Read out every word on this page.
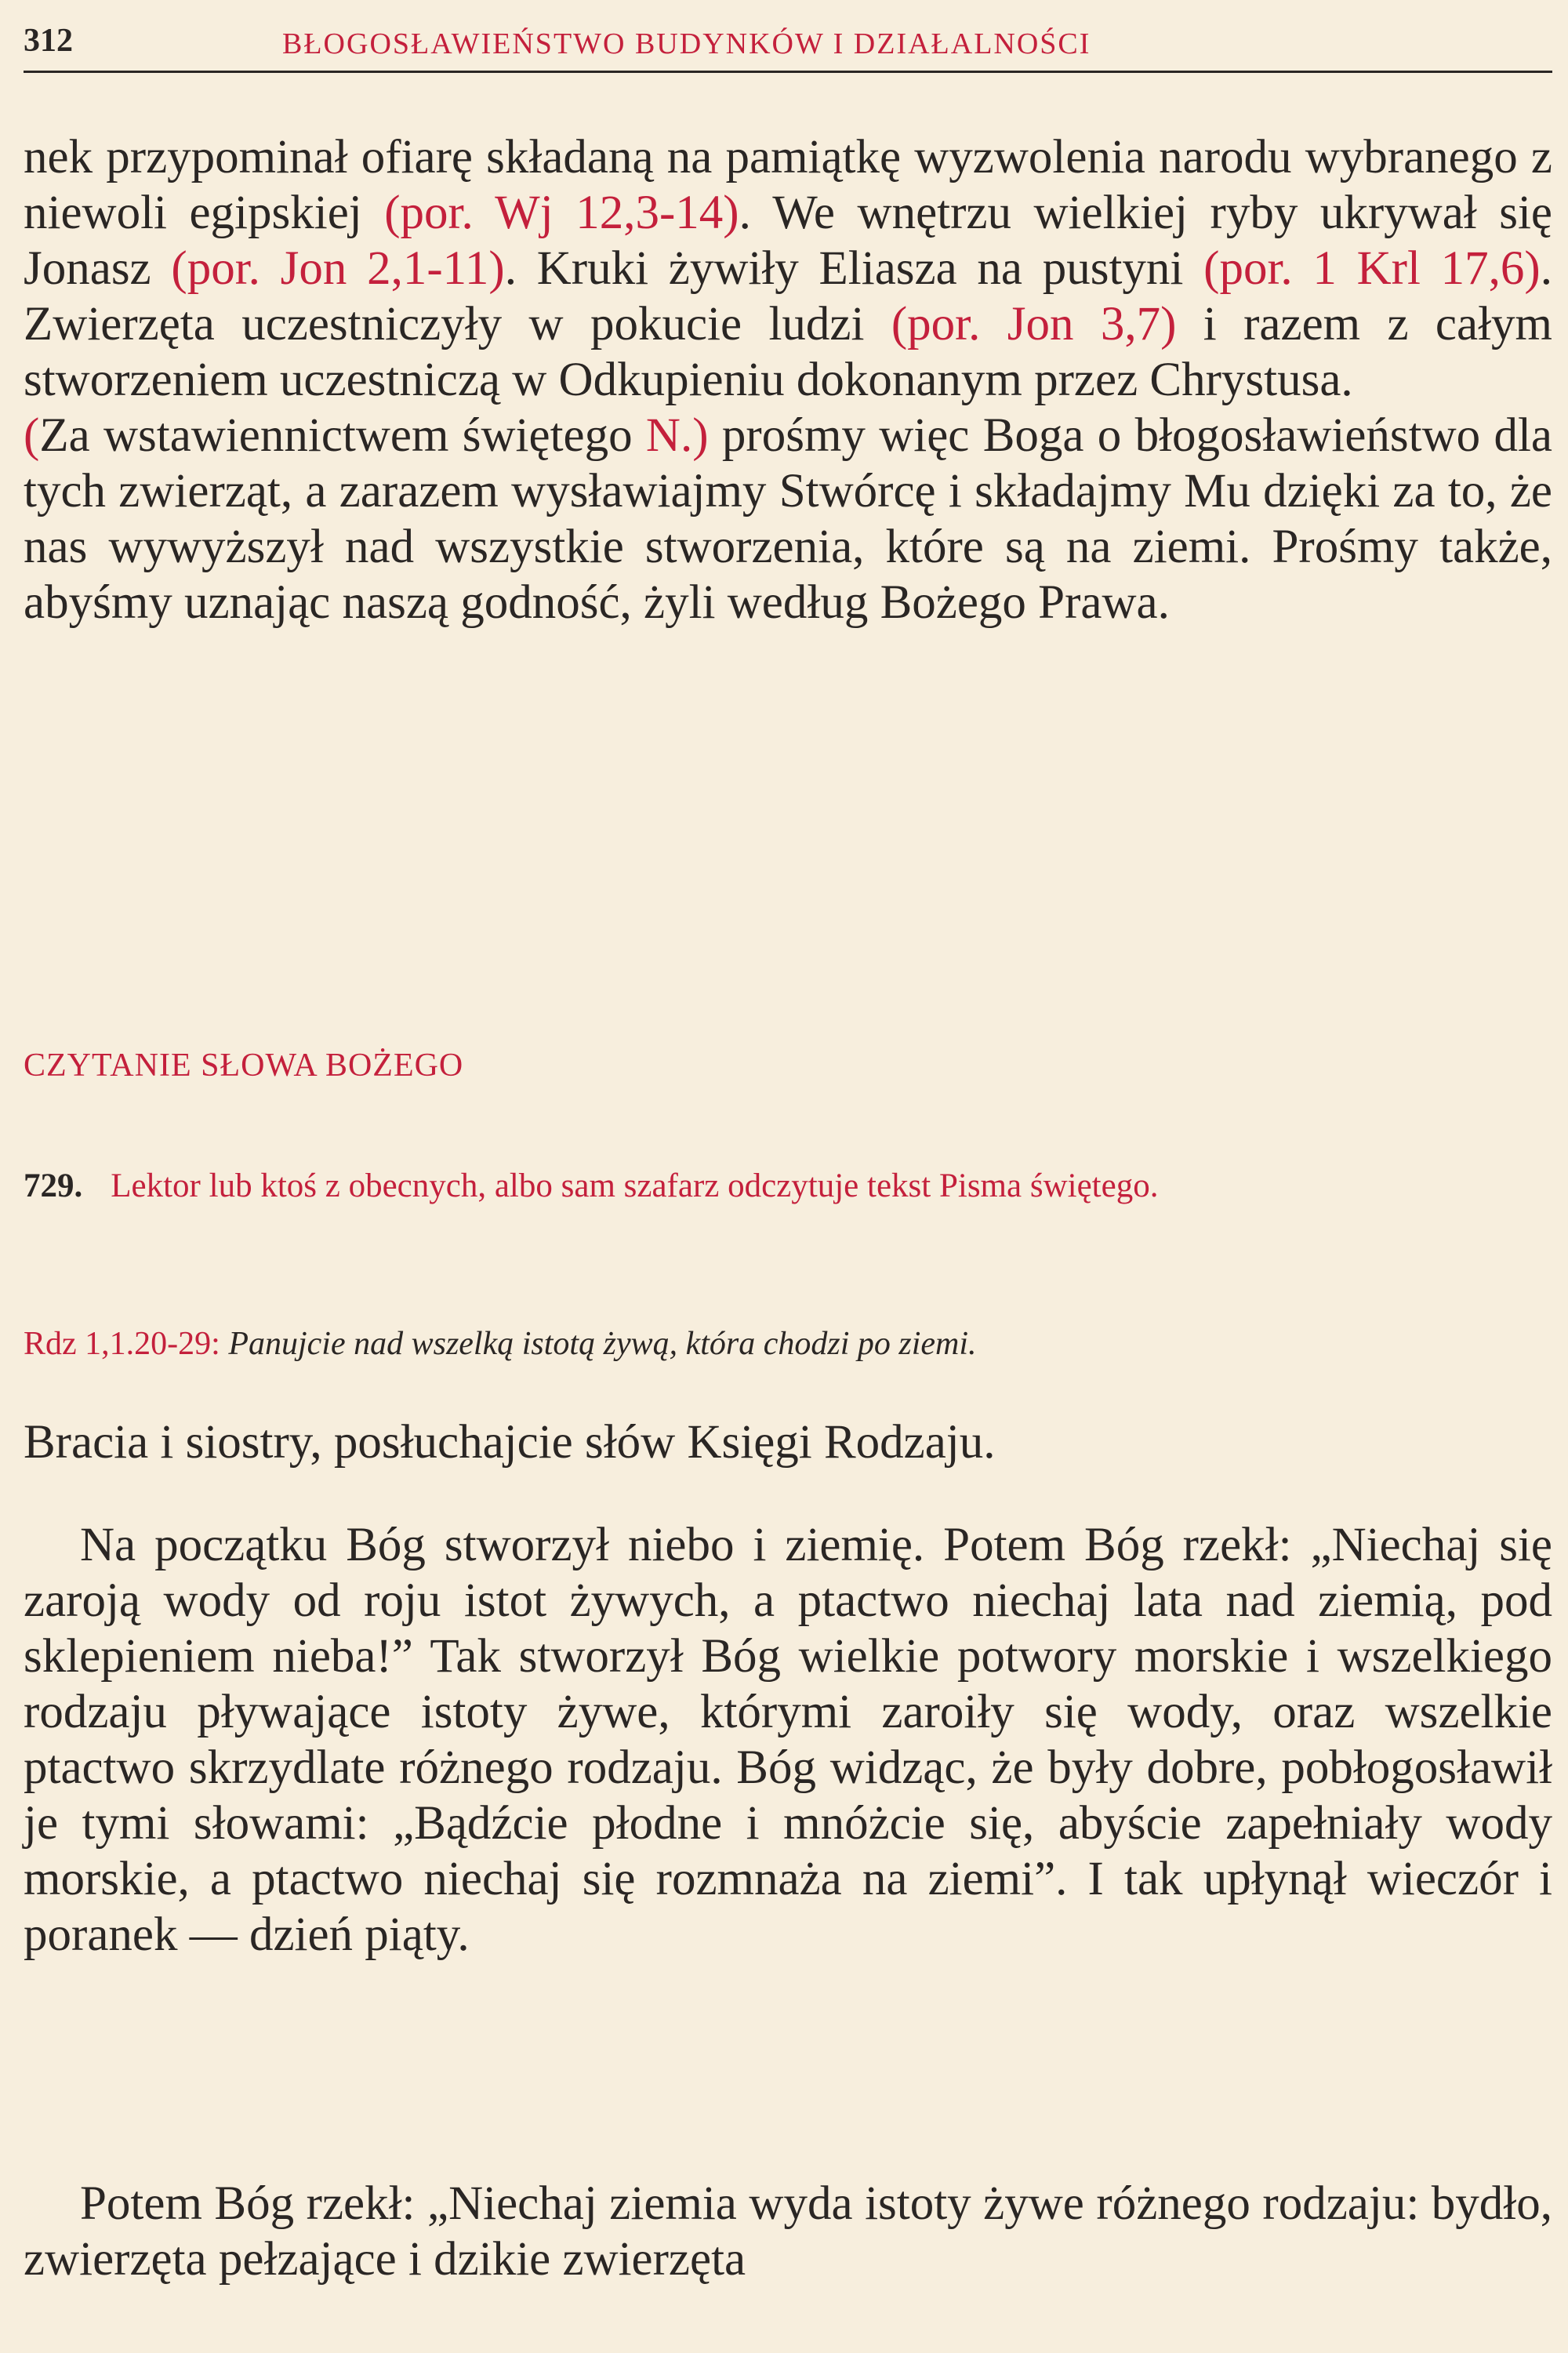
312	BŁOGOSŁAWIEŃSTWO BUDYNKÓW I DZIAŁALNOŚCI

nek przypominał ofiarę składaną na pamiątkę wyzwolenia narodu wybranego z niewoli egipskiej (por. Wj 12,3-14). We wnętrzu wielkiej ryby ukrywał się Jonasz (por. Jon 2,1-11). Kruki żywiły Eliasza na pustyni (por. 1 Krl 17,6). Zwierzęta uczestniczyły w pokucie ludzi (por. Jon 3,7) i razem z całym stworzeniem uczestniczą w Odkupieniu dokonanym przez Chrystusa.

(Za wstawiennictwem świętego N.) prośmy więc Boga o błogosławieństwo dla tych zwierząt, a zarazem wysławiajmy Stwórcę i składajmy Mu dzięki za to, że nas wywyższył nad wszystkie stworzenia, które są na ziemi. Prośmy także, abyśmy uznając naszą godność, żyli według Bożego Prawa.

CZYTANIE SŁOWA BOŻEGO
729. Lektor lub ktoś z obecnych, albo sam szafarz odczytuje tekst Pisma świętego.
Rdz 1,1.20-29: Panujcie nad wszelką istotą żywą, która chodzi po ziemi.
Bracia i siostry, posłuchajcie słów Księgi Rodzaju.

Na początku Bóg stworzył niebo i ziemię. Potem Bóg rzekł: „Niechaj się zaroją wody od roju istot żywych, a ptactwo niechaj lata nad ziemią, pod sklepieniem nieba!” Tak stworzył Bóg wielkie potwory morskie i wszelkiego rodzaju pływające istoty żywe, którymi zaroiły się wody, oraz wszelkie ptactwo skrzydlate różnego rodzaju. Bóg widząc, że były dobre, pobłogosławił je tymi słowami: „Bądźcie płodne i mnóżcie się, abyście zapełniały wody morskie, a ptactwo niechaj się rozmnaża na ziemi”. I tak upłynął wieczór i poranek — dzień piąty.

Potem Bóg rzekł: „Niechaj ziemia wyda istoty żywe różnego rodzaju: bydło, zwierzęta pełzające i dzikie zwierzęta
